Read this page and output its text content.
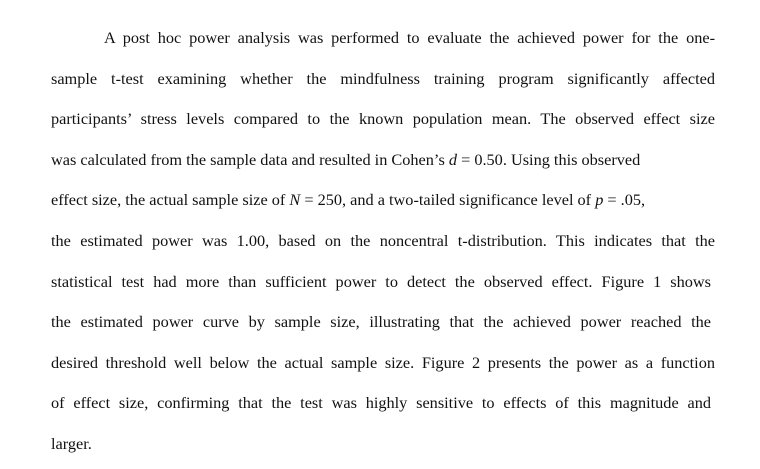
A post hoc power analysis was performed to evaluate the achieved power for the one-
sample t-test examining whether the mindfulness training program significantly affected
participants’ stress levels compared to the known population mean. The observed effect size
was calculated from the sample data and resulted in Cohen’s d = 0.50. Using this observed
effect size, the actual sample size of N = 250, and a two-tailed significance level of p = .05,
the estimated power was 1.00, based on the noncentral t-distribution. This indicates that the
statistical test had more than sufficient power to detect the observed effect. Figure 1 shows
the estimated power curve by sample size, illustrating that the achieved power reached the
desired threshold well below the actual sample size. Figure 2 presents the power as a function
of effect size, confirming that the test was highly sensitive to effects of this magnitude and
larger.
